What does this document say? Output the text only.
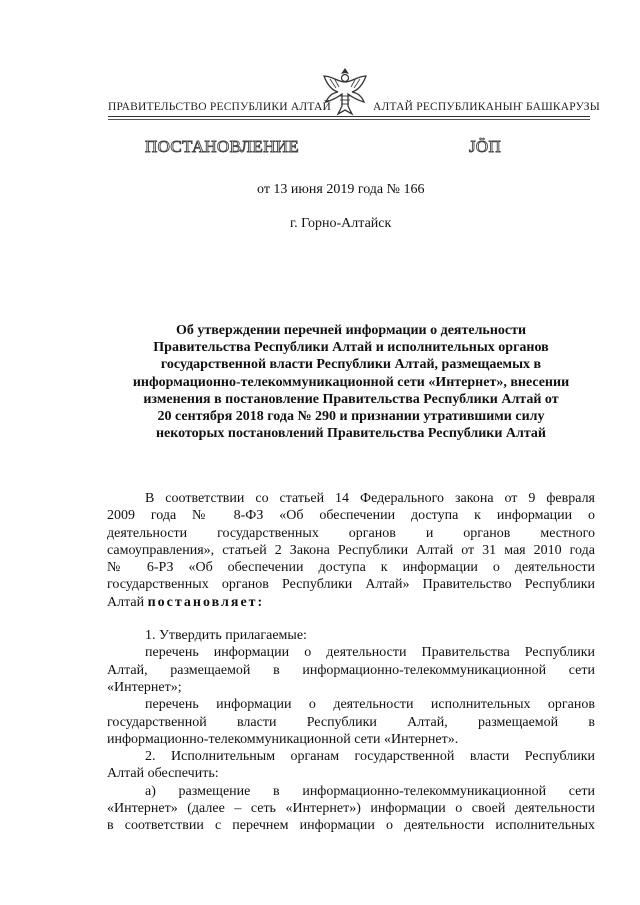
ПРАВИТЕЛЬСТВО РЕСПУБЛИКИ АЛТАЙ	АЛТАЙ РЕСПУБЛИКАНЫҤ БАШКАРУЗЫ
ПОСТАНОВЛЕНИЕ	ЈӦП
от 13 июня 2019 года № 166
г. Горно-Алтайск
Об утверждении перечней информации о деятельности
Правительства Республики Алтай и исполнительных органов
государственной власти Республики Алтай, размещаемых в
информационно-телекоммуникационной сети «Интернет», внесении
изменения в постановление Правительства Республики Алтай от
20 сентября 2018 года № 290 и признании утратившими силу
некоторых постановлений Правительства Республики Алтай
В соответствии со статьей 14 Федерального закона от 9 февраля
2009 года № 8-ФЗ «Об обеспечении доступа к информации о
деятельности государственных органов и органов местного
самоуправления», статьей 2 Закона Республики Алтай от 31 мая 2010 года
№ 6-РЗ «Об обеспечении доступа к информации о деятельности
государственных органов Республики Алтай» Правительство Республики
Алтай постановляет:
1. Утвердить прилагаемые:
перечень информации о деятельности Правительства Республики
Алтай, размещаемой в информационно-телекоммуникационной сети
«Интернет»;
перечень информации о деятельности исполнительных органов
государственной власти Республики Алтай, размещаемой в
информационно-телекоммуникационной сети «Интернет».
2. Исполнительным органам государственной власти Республики
Алтай обеспечить:
а) размещение в информационно-телекоммуникационной сети
«Интернет» (далее – сеть «Интернет») информации о своей деятельности
в соответствии с перечнем информации о деятельности исполнительных
